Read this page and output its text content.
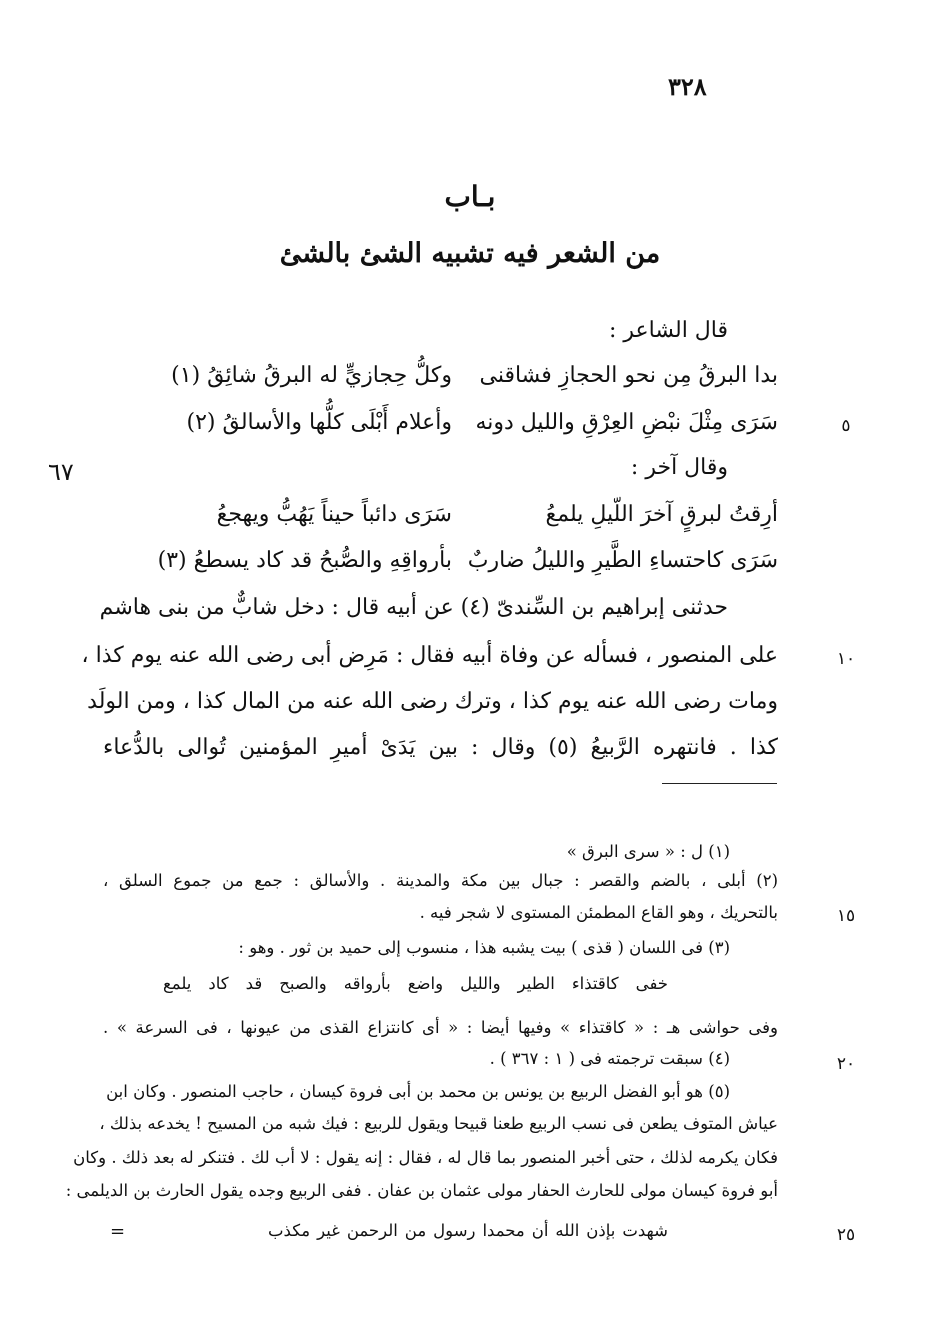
٣٢٨
بـاب
من الشعر فيه تشبيه الشئ بالشئ
قال الشاعر :
بدا البرقُ مِن نحو الحجازِ فشاقنى
وكلُّ حِجازيٍّ له البرقُ شائِقُ (١)
سَرَى مِثْلَ نبْضِ العِرْقِ والليل دونه
وأعلام أَبْلَى كلُّها والأسالقُ (٢)	٥
وقال آخر :
٦٧
أرِقتُ لبرقٍ آخرَ اللّيلِ يلمعُ
سَرَى دائباً حيناً يَهُبُّ ويهجعُ
سَرَى كاحتساءِ الطَّيرِ والليلُ ضاربٌ
بأرواقِهِ والصُّبحُ قد كاد يسطعُ (٣)
حدثنى إبراهيم بن السِّندىّ (٤) عن أبيه قال : دخل شابٌّ من بنى هاشم
على المنصور ، فسأله عن وفاة أبيه فقال : مَرِض أبى رضى الله عنه يوم كذا ،	١٠
ومات رضى الله عنه يوم كذا ، وترك رضى الله عنه من المال كذا ، ومن الولَد
كذا . فانتهره الرَّبيعُ (٥) وقال : بين يَدَىْ أميرِ المؤمنين تُوالى بالدُّعاء
(١) ل : « سرى البرق »
(٢) أبلى ، بالضم والقصر : جبال بين مكة والمدينة . والأسالق : جمع من جموع السلق ،
بالتحريك ، وهو القاع المطمئن المستوى لا شجر فيه .	١٥
(٣) فى اللسان ( قذى ) بيت يشبه هذا ، منسوب إلى حميد بن ثور . وهو :
خفى كاقتذاء الطير والليل واضع بأرواقه والصبح قد كاد يلمع
وفى حواشى هـ : « كاقتذاء » وفيها أيضا : « أى كانتزاع القذى من عيونها ، فى السرعة » .
(٤) سبقت ترجمته فى ( ١ : ٣٦٧ ) .	٢٠
(٥) هو أبو الفضل الربيع بن يونس بن محمد بن أبى فروة كيسان ، حاجب المنصور . وكان ابن
عياش المتوف يطعن فى نسب الربيع طعنا قبيحا ويقول للربيع : فيك شبه من المسيح ! يخدعه بذلك ،
فكان يكرمه لذلك ، حتى أخبر المنصور بما قال له ، فقال : إنه يقول : لا أب لك . فتنكر له بعد ذلك . وكان
أبو فروة كيسان مولى للحارث الحفار مولى عثمان بن عفان . ففى الربيع وجده يقول الحارث بن الديلمى :
شهدت بإذن الله أن محمدا رسول من الرحمن غير مكذب
=	٢٥
